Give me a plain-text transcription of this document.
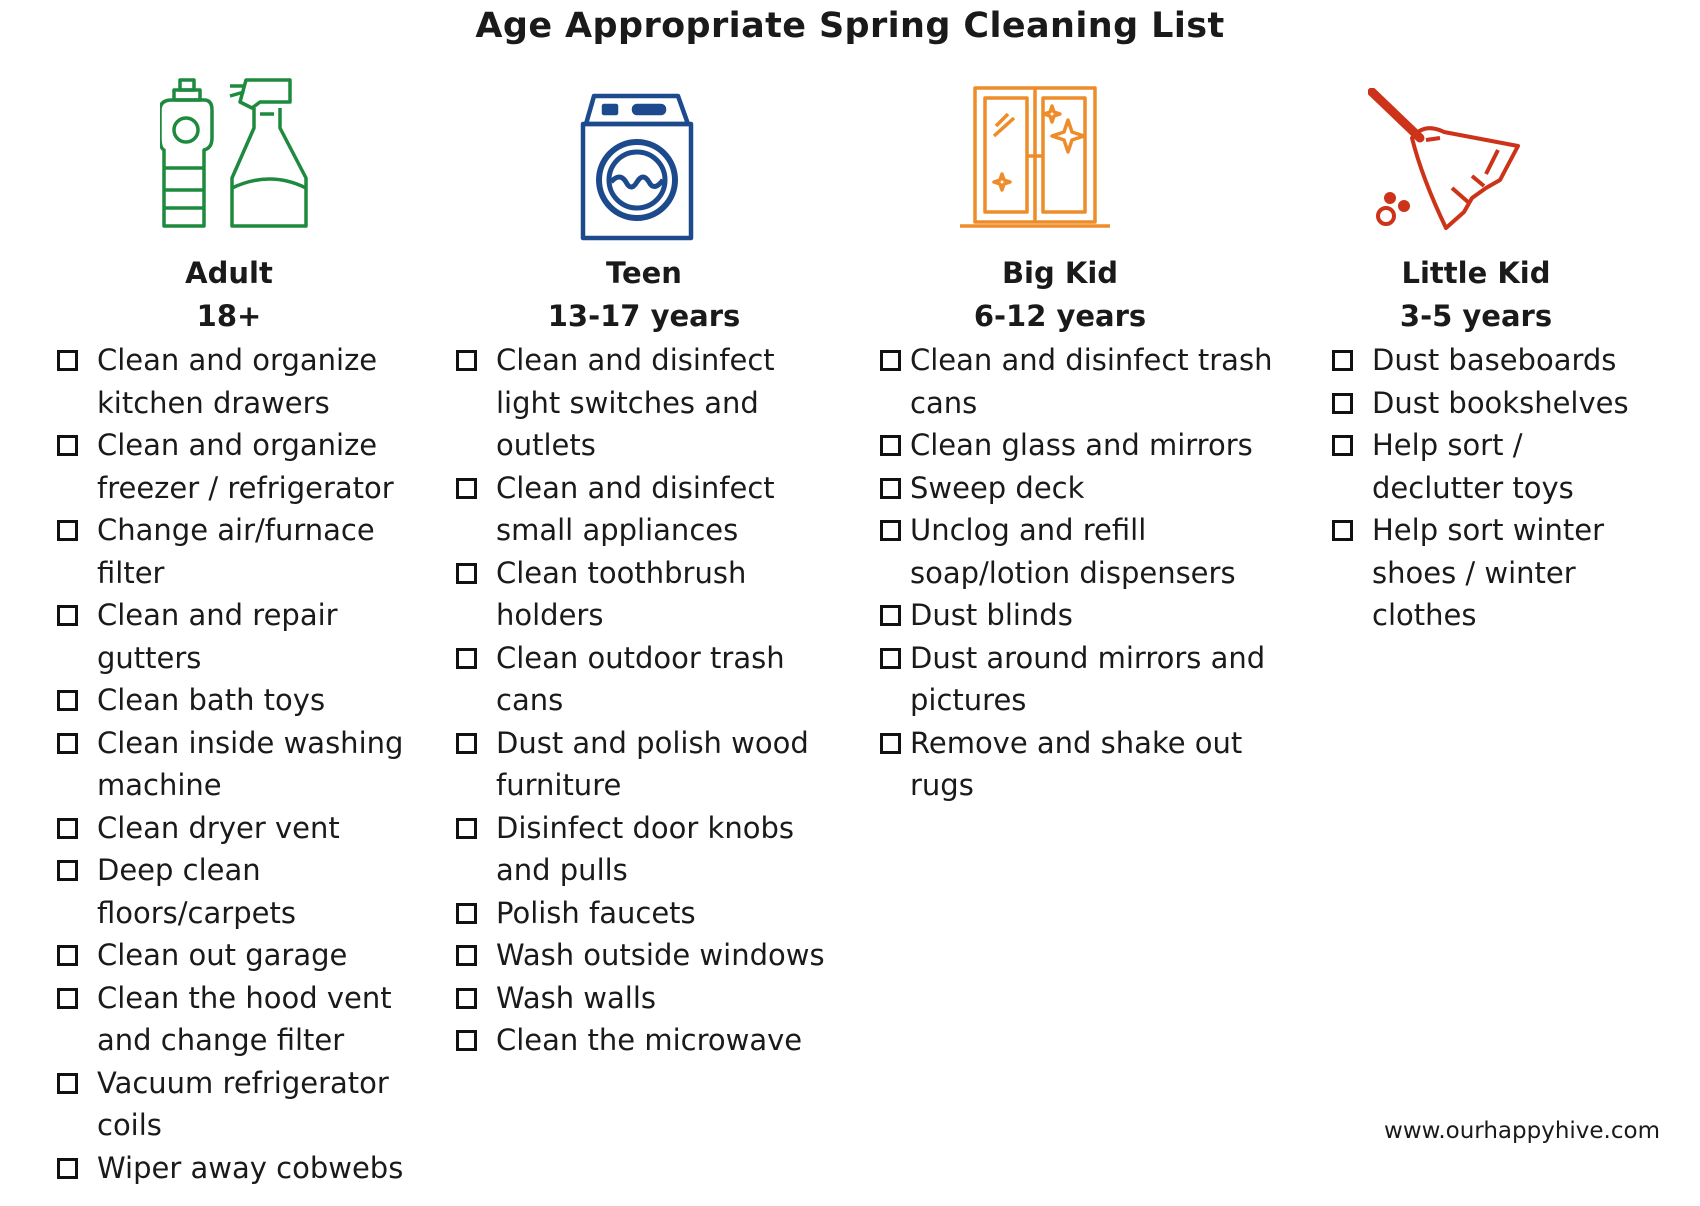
Age Appropriate Spring Cleaning List
Adult
18+
Teen
13-17 years
Big Kid
6-12 years
Little Kid
3-5 years
Clean and organize kitchen drawers
Clean and organize freezer / refrigerator
Change air/furnace filter
Clean and repair gutters
Clean bath toys
Clean inside washing machine
Clean dryer vent
Deep clean floors/carpets
Clean out garage
Clean the hood vent and change filter
Vacuum refrigerator coils
Wiper away cobwebs
Clean and disinfect light switches and outlets
Clean and disinfect small appliances
Clean toothbrush holders
Clean outdoor trash cans
Dust and polish wood furniture
Disinfect door knobs and pulls
Polish faucets
Wash outside windows
Wash walls
Clean the microwave
Clean and disinfect trash cans
Clean glass and mirrors
Sweep deck
Unclog and refill soap/lotion dispensers
Dust blinds
Dust around mirrors and pictures
Remove and shake out rugs
Dust baseboards
Dust bookshelves
Help sort / declutter toys
Help sort winter shoes / winter clothes
www.ourhappyhive.com
